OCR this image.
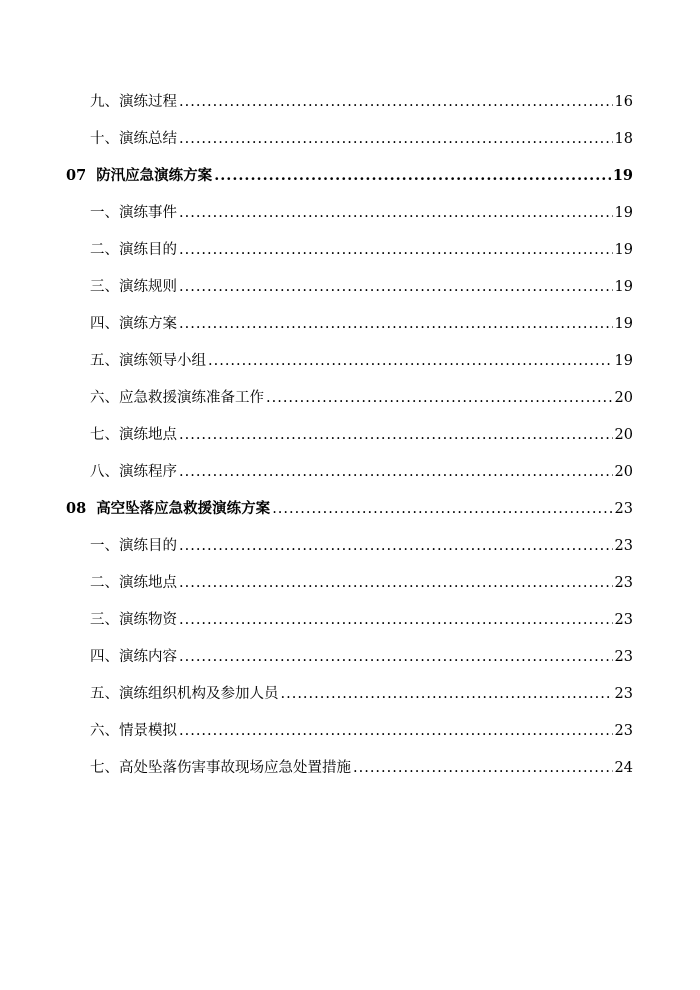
九、演练过程 .....	16
十、演练总结 .....	18
07 防汛应急演练方案 .....	19
一、演练事件 .....	19
二、演练目的 .....	19
三、演练规则 .....	19
四、演练方案 .....	19
五、演练领导小组 .....	19
六、应急救援演练准备工作 .....	20
七、演练地点 .....	20
八、演练程序 .....	20
08 高空坠落应急救援演练方案 .....	23
一、演练目的 .....	23
二、演练地点 .....	23
三、演练物资 .....	23
四、演练内容 .....	23
五、演练组织机构及参加人员 .....	23
六、情景模拟 .....	23
七、高处坠落伤害事故现场应急处置措施 .....	24
